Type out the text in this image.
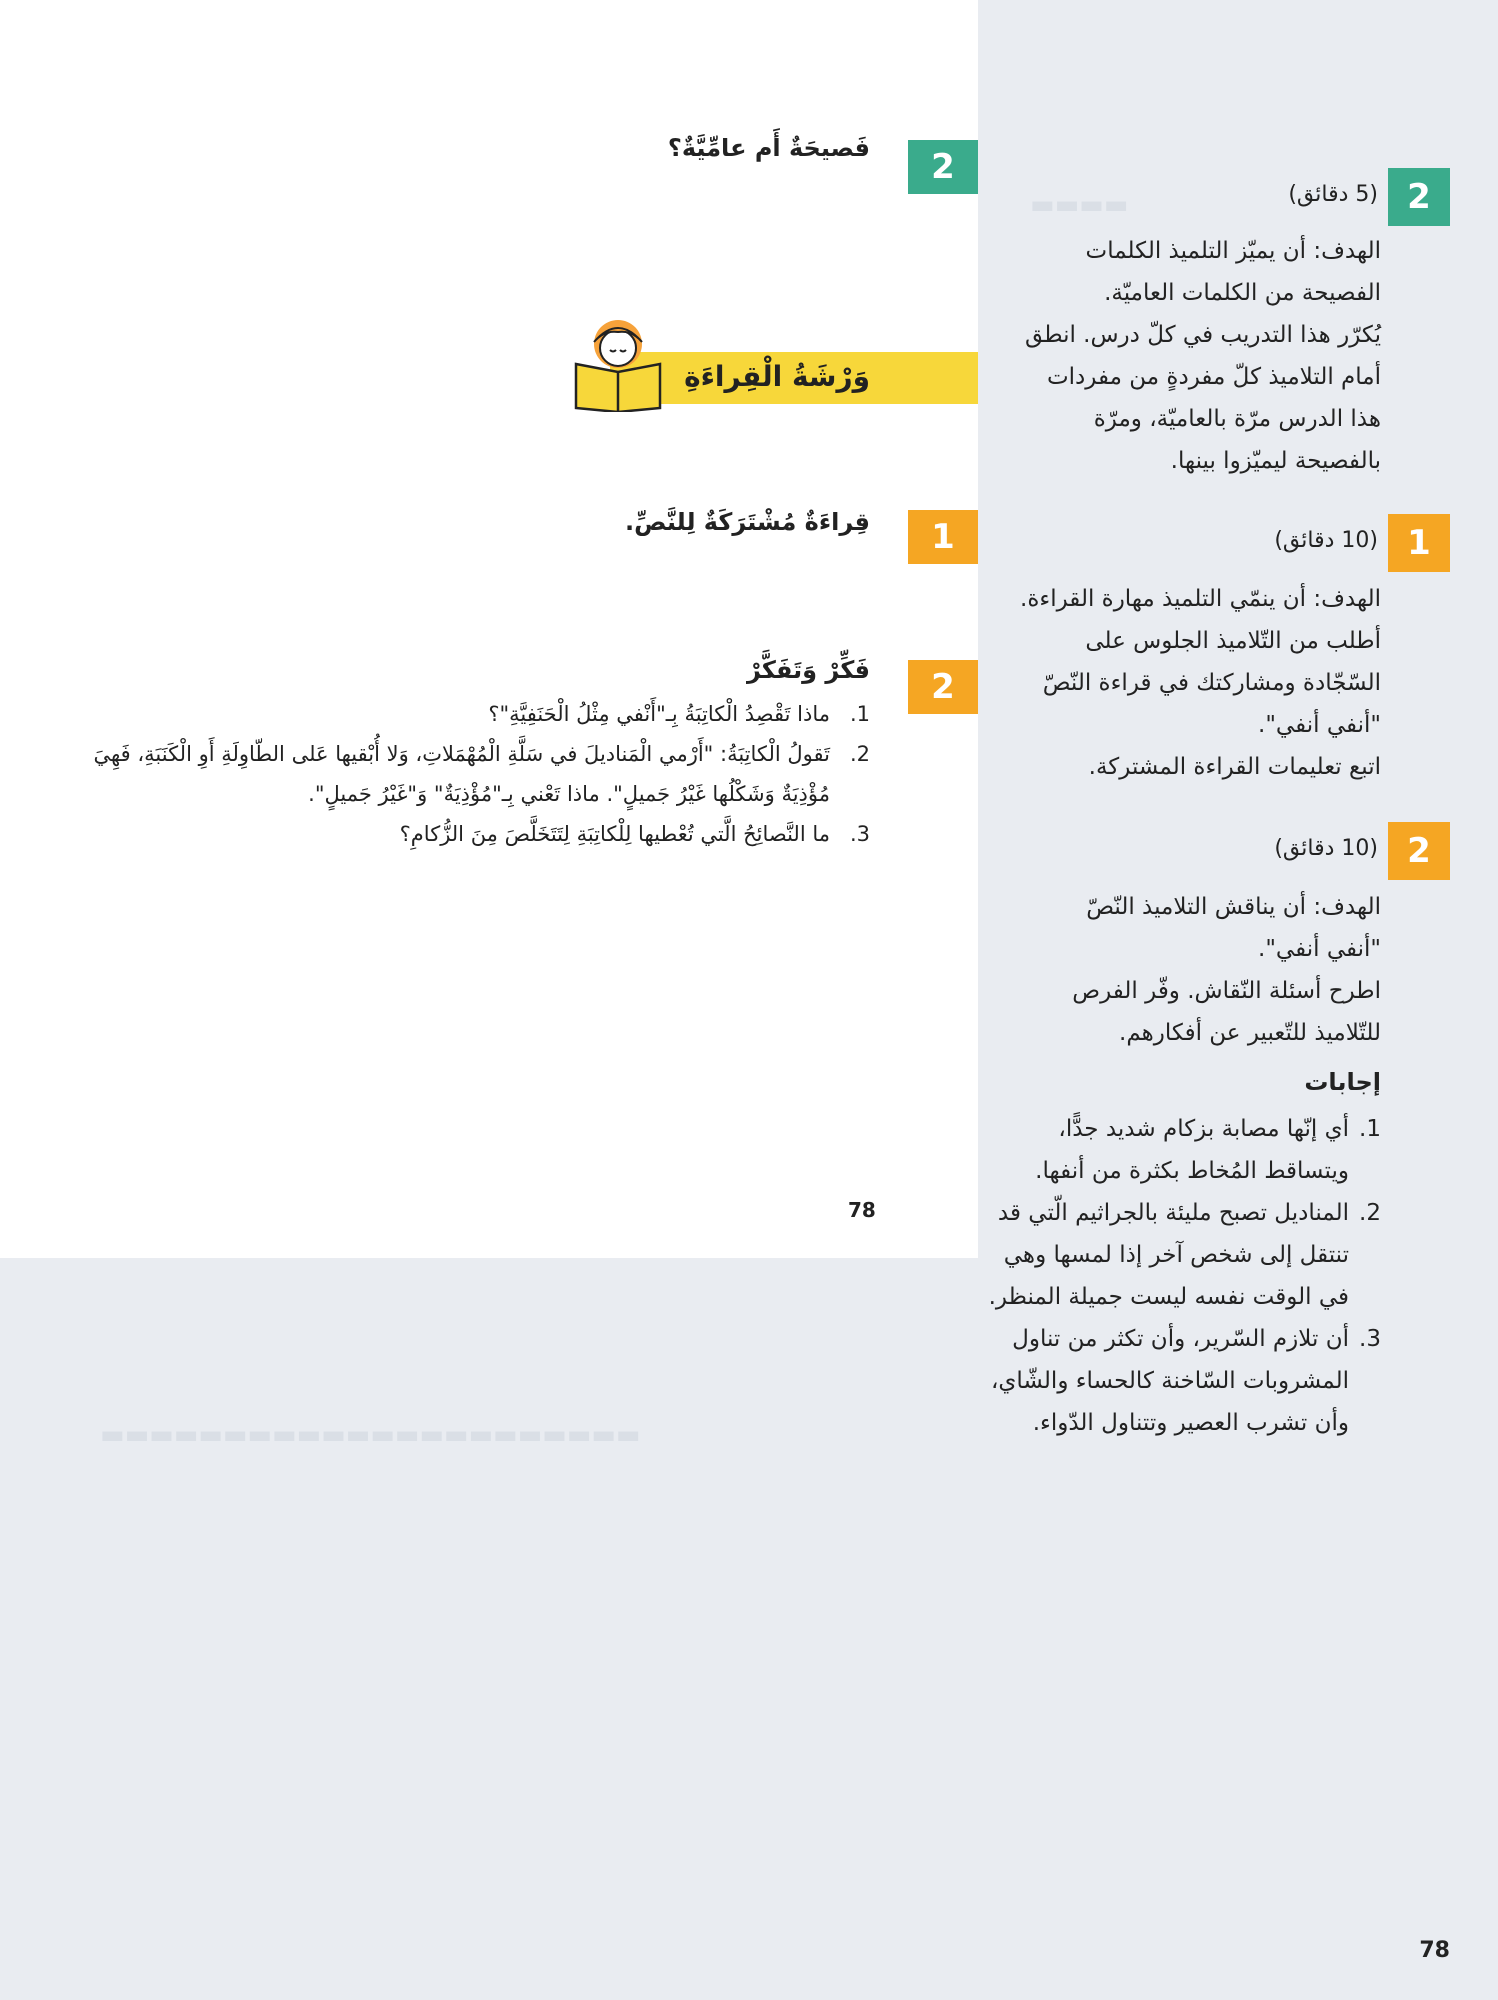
▬▬▬▬
▬▬▬▬▬▬▬▬▬▬▬▬▬▬▬▬▬▬▬▬▬▬
2
فَصيحَةٌ أَم عامِّيَّةٌ؟
وَرْشَةُ الْقِراءَةِ
1
قِراءَةٌ مُشْتَرَكَةٌ لِلنَّصِّ.
2
فَكِّرْ وَتَفَكَّرْ
1.
ماذا تَقْصِدُ الْكاتِبَةُ بِـ"أَنْفي مِثْلُ الْحَنَفِيَّةِ"؟
2.
تَقولُ الْكاتِبَةُ: "أَرْمي الْمَناديلَ في سَلَّةِ الْمُهْمَلاتِ، وَلا أُبْقيها عَلى الطّاوِلَةِ أَوِ الْكَنَبَةِ، فَهِيَ مُؤْذِيَةٌ وَشَكْلُها غَيْرُ جَميلٍ". ماذا تَعْني بِـ"مُؤْذِيَةٌ" وَ"غَيْرُ جَميلٍ".
3.
ما النَّصائِحُ الَّتي تُعْطيها لِلْكاتِبَةِ لِتَتَخَلَّصَ مِنَ الزُّكامِ؟
78
2
(5 دقائق)

الهدف: أن يميّز التلميذ الكلمات
الفصيحة من الكلمات العاميّة.
يُكرّر هذا التدريب في كلّ درس. انطق
أمام التلاميذ كلّ مفردةٍ من مفردات
هذا الدرس مرّة بالعاميّة، ومرّة
بالفصيحة ليميّزوا بينها.

1
(10 دقائق)

الهدف: أن ينمّي التلميذ مهارة القراءة.
أطلب من التّلاميذ الجلوس على
السّجّادة ومشاركتك في قراءة النّصّ
"أنفي أنفي".
اتبع تعليمات القراءة المشتركة.

2
(10 دقائق)

الهدف: أن يناقش التلاميذ النّصّ
"أنفي أنفي".
اطرح أسئلة النّقاش. وفّر الفرص
للتّلاميذ للتّعبير عن أفكارهم.

إجابات
1.
أي إنّها مصابة بزكام شديد جدًّا، ويتساقط المُخاط بكثرة من أنفها.
2.
المناديل تصبح مليئة بالجراثيم الّتي قد تنتقل إلى شخص آخر إذا لمسها وهي في الوقت نفسه ليست جميلة المنظر.
3.
أن تلازم السّرير، وأن تكثر من تناول المشروبات السّاخنة كالحساء والشّاي، وأن تشرب العصير وتتناول الدّواء.
78
